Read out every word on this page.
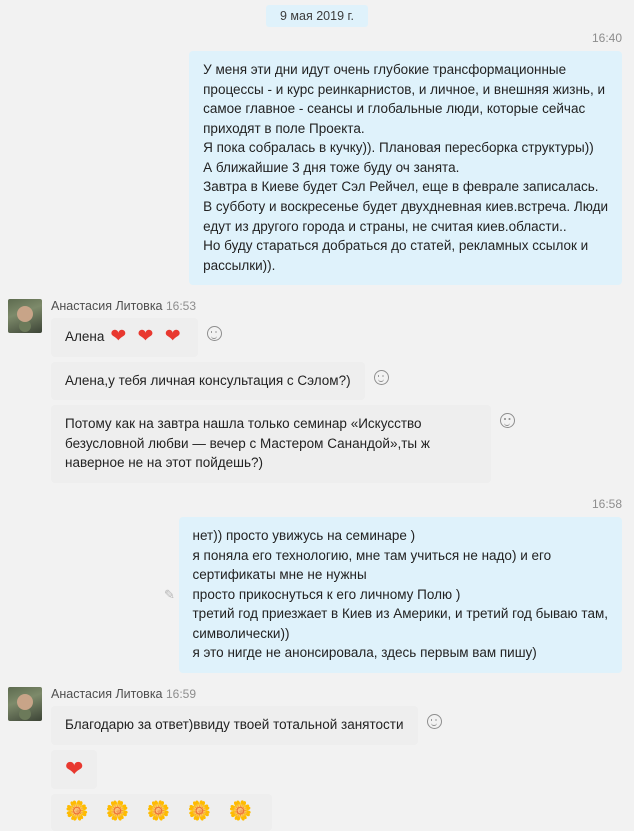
9 мая 2019 г.
16:40

У меня эти дни идут очень глубокие трансформационные

процессы - и курс реинкарнистов, и личное, и внешняя жизнь, и

самое главное - сеансы и глобальные люди, которые сейчас

приходят в поле Проекта.

Я пока собралась в кучку)). Плановая пересборка структуры))

А ближайшие 3 дня тоже буду оч занята.

Завтра в Киеве будет Сэл Рейчел, еще в феврале записалась.

В субботу и воскресенье будет двухдневная киев.встреча. Люди

едут из другого города и страны, не считая киев.области..

Но буду стараться добраться до статей, рекламных ссылок и

рассылки)).

Анастасия Литовка 16:53
Алена ❤ ❤ ❤
Алена,у тебя личная консультация с Сэлом?)
Потому как на завтра нашла только семинар «Искусство безусловной любви — вечер с Мастером Санандой»,ты ж наверное не на этот пойдешь?)
16:58
✎

нет)) просто увижусь на семинаре )

я поняла его технологию, мне там учиться не надо) и его

сертификаты мне не нужны

просто прикоснуться к его личному Полю )

третий год приезжает в Киев из Америки, и третий год бываю там,

символически))

я это нигде не анонсировала, здесь первым вам пишу)

Анастасия Литовка 16:59
Благодарю за ответ)ввиду твоей тотальной занятости
❤
🌼 🌼 🌼 🌼 🌼
